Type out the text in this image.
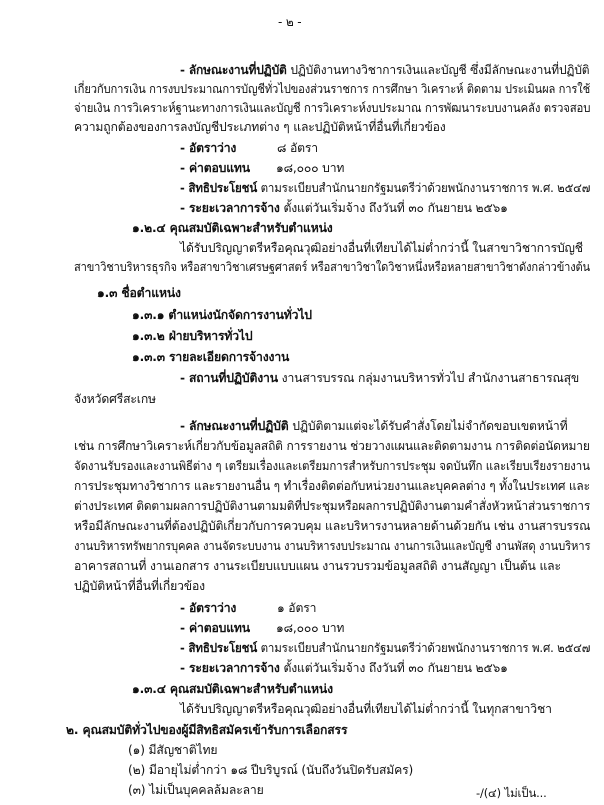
- ๒ -
- ลักษณะงานที่ปฏิบัติ ปฏิบัติงานทางวิชาการเงินและบัญชี ซึ่งมีลักษณะงานที่ปฏิบัติ
เกี่ยวกับการเงิน การงบประมาณการบัญชีทั่วไปของส่วนราชการ การศึกษา วิเคราะห์ ติดตาม ประเมินผล การใช้
จ่ายเงิน การวิเคราะห์ฐานะทางการเงินและบัญชี การวิเคราะห์งบประมาณ การพัฒนาระบบงานคลัง ตรวจสอบ
ความถูกต้องของการลงบัญชีประเภทต่าง ๆ และปฏิบัติหน้าที่อื่นที่เกี่ยวข้อง
- อัตราว่าง	๘ อัตรา
- ค่าตอบแทน ๑๘,๐๐๐ บาท
- สิทธิประโยชน์ ตามระเบียบสำนักนายกรัฐมนตรีว่าด้วยพนักงานราชการ พ.ศ. ๒๕๔๗
- ระยะเวลาการจ้าง ตั้งแต่วันเริ่มจ้าง ถึงวันที่ ๓๐ กันยายน ๒๕๖๑
๑.๒.๔ คุณสมบัติเฉพาะสำหรับตำแหน่ง
ได้รับปริญญาตรีหรือคุณวุฒิอย่างอื่นที่เทียบได้ไม่ต่ำกว่านี้ ในสาขาวิชาการบัญชี
สาขาวิชาบริหารธุรกิจ หรือสาขาวิชาเศรษฐศาสตร์ หรือสาขาวิชาใดวิชาหนึ่งหรือหลายสาขาวิชาดังกล่าวข้างต้น
๑.๓ ชื่อตำแหน่ง
๑.๓.๑ ตำแหน่งนักจัดการงานทั่วไป
๑.๓.๒ ฝ่ายบริหารทั่วไป
๑.๓.๓ รายละเอียดการจ้างงาน
- สถานที่ปฏิบัติงาน งานสารบรรณ กลุ่มงานบริหารทั่วไป สำนักงานสาธารณสุข
จังหวัดศรีสะเกษ
- ลักษณะงานที่ปฏิบัติ ปฏิบัติตามแต่จะได้รับคำสั่งโดยไม่จำกัดขอบเขตหน้าที่
เช่น การศึกษาวิเคราะห์เกี่ยวกับข้อมูลสถิติ การรายงาน ช่วยวางแผนและติดตามงาน การติดต่อนัดหมาย
จัดงานรับรองและงานพิธีต่าง ๆ เตรียมเรื่องและเตรียมการสำหรับการประชุม จดบันทึก และเรียบเรียงรายงาน
การประชุมทางวิชาการ และรายงานอื่น ๆ ทำเรื่องติดต่อกับหน่วยงานและบุคคลต่าง ๆ ทั้งในประเทศ และ
ต่างประเทศ ติดตามผลการปฏิบัติงานตามมติที่ประชุมหรือผลการปฏิบัติงานตามคำสั่งหัวหน้าส่วนราชการ
หรือมีลักษณะงานที่ต้องปฏิบัติเกี่ยวกับการควบคุม และบริหารงานหลายด้านด้วยกัน เช่น งานสารบรรณ
งานบริหารทรัพยากรบุคคล งานจัดระบบงาน งานบริหารงบประมาณ งานการเงินและบัญชี งานพัสดุ งานบริหาร
อาคารสถานที่ งานเอกสาร งานระเบียบแบบแผน งานรวบรวมข้อมูลสถิติ งานสัญญา เป็นต้น และ
ปฏิบัติหน้าที่อื่นที่เกี่ยวข้อง
- อัตราว่าง	๑ อัตรา
- ค่าตอบแทน ๑๘,๐๐๐ บาท
- สิทธิประโยชน์ ตามระเบียบสำนักนายกรัฐมนตรีว่าด้วยพนักงานราชการ พ.ศ. ๒๕๔๗
- ระยะเวลาการจ้าง ตั้งแต่วันเริ่มจ้าง ถึงวันที่ ๓๐ กันยายน ๒๕๖๑
๑.๓.๔ คุณสมบัติเฉพาะสำหรับตำแหน่ง
ได้รับปริญญาตรีหรือคุณวุฒิอย่างอื่นที่เทียบได้ไม่ต่ำกว่านี้ ในทุกสาขาวิชา
๒. คุณสมบัติทั่วไปของผู้มีสิทธิสมัครเข้ารับการเลือกสรร
(๑) มีสัญชาติไทย
(๒) มีอายุไม่ต่ำกว่า ๑๘ ปีบริบูรณ์ (นับถึงวันปิดรับสมัคร)
(๓) ไม่เป็นบุคคลล้มละลาย	-/(๔) ไม่เป็น...
